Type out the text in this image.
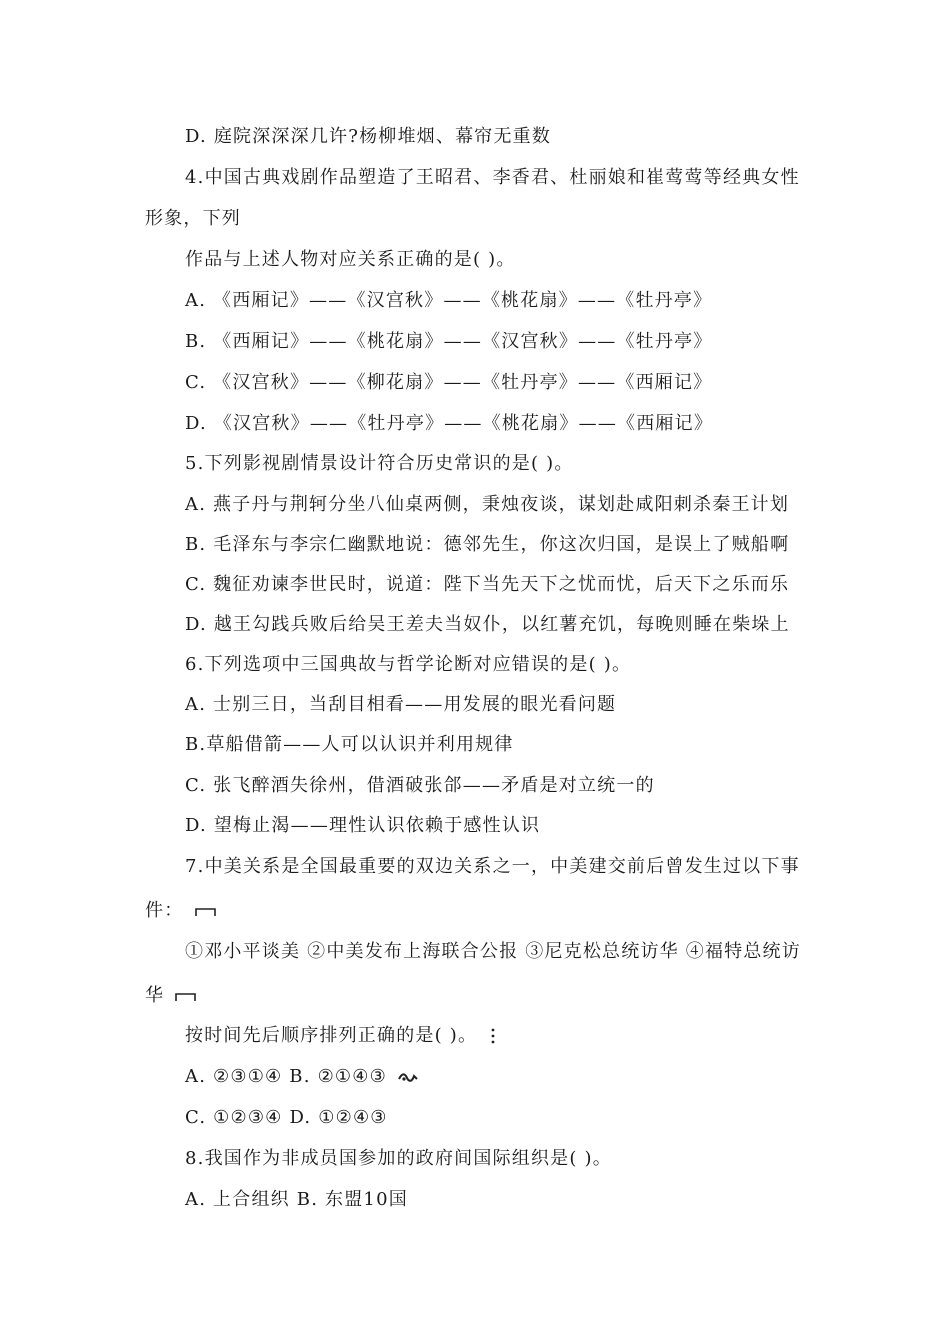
D. 庭院深深深几许?杨柳堆烟、幕帘无重数
4.中国古典戏剧作品塑造了王昭君、李香君、杜丽娘和崔莺莺等经典女性
形象，下列
作品与上述人物对应关系正确的是( )。
A. 《西厢记》——《汉宫秋》——《桃花扇》——《牡丹亭》
B. 《西厢记》——《桃花扇》——《汉宫秋》——《牡丹亭》
C. 《汉宫秋》——《柳花扇》——《牡丹亭》——《西厢记》
D. 《汉宫秋》——《牡丹亭》——《桃花扇》——《西厢记》
5.下列影视剧情景设计符合历史常识的是( )。
A. 燕子丹与荆轲分坐八仙桌两侧，秉烛夜谈，谋划赴咸阳刺杀秦王计划
B. 毛泽东与李宗仁幽默地说：德邻先生，你这次归国，是误上了贼船啊
C. 魏征劝谏李世民时，说道：陛下当先天下之忧而忧，后天下之乐而乐
D. 越王勾践兵败后给吴王差夫当奴仆，以红薯充饥，每晚则睡在柴垛上
6.下列选项中三国典故与哲学论断对应错误的是( )。
A. 士别三日，当刮目相看——用发展的眼光看问题
B.草船借箭——人可以认识并利用规律
C. 张飞醉酒失徐州，借酒破张郃——矛盾是对立统一的
D. 望梅止渴——理性认识依赖于感性认识
7.中美关系是全国最重要的双边关系之一，中美建交前后曾发生过以下事
件：
①邓小平谈美 ②中美发布上海联合公报 ③尼克松总统访华 ④福特总统访
华
按时间先后顺序排列正确的是( )。
A. ②③①④ B. ②①④③
C. ①②③④ D. ①②④③
8.我国作为非成员国参加的政府间国际组织是( )。
A. 上合组织 B. 东盟10国
